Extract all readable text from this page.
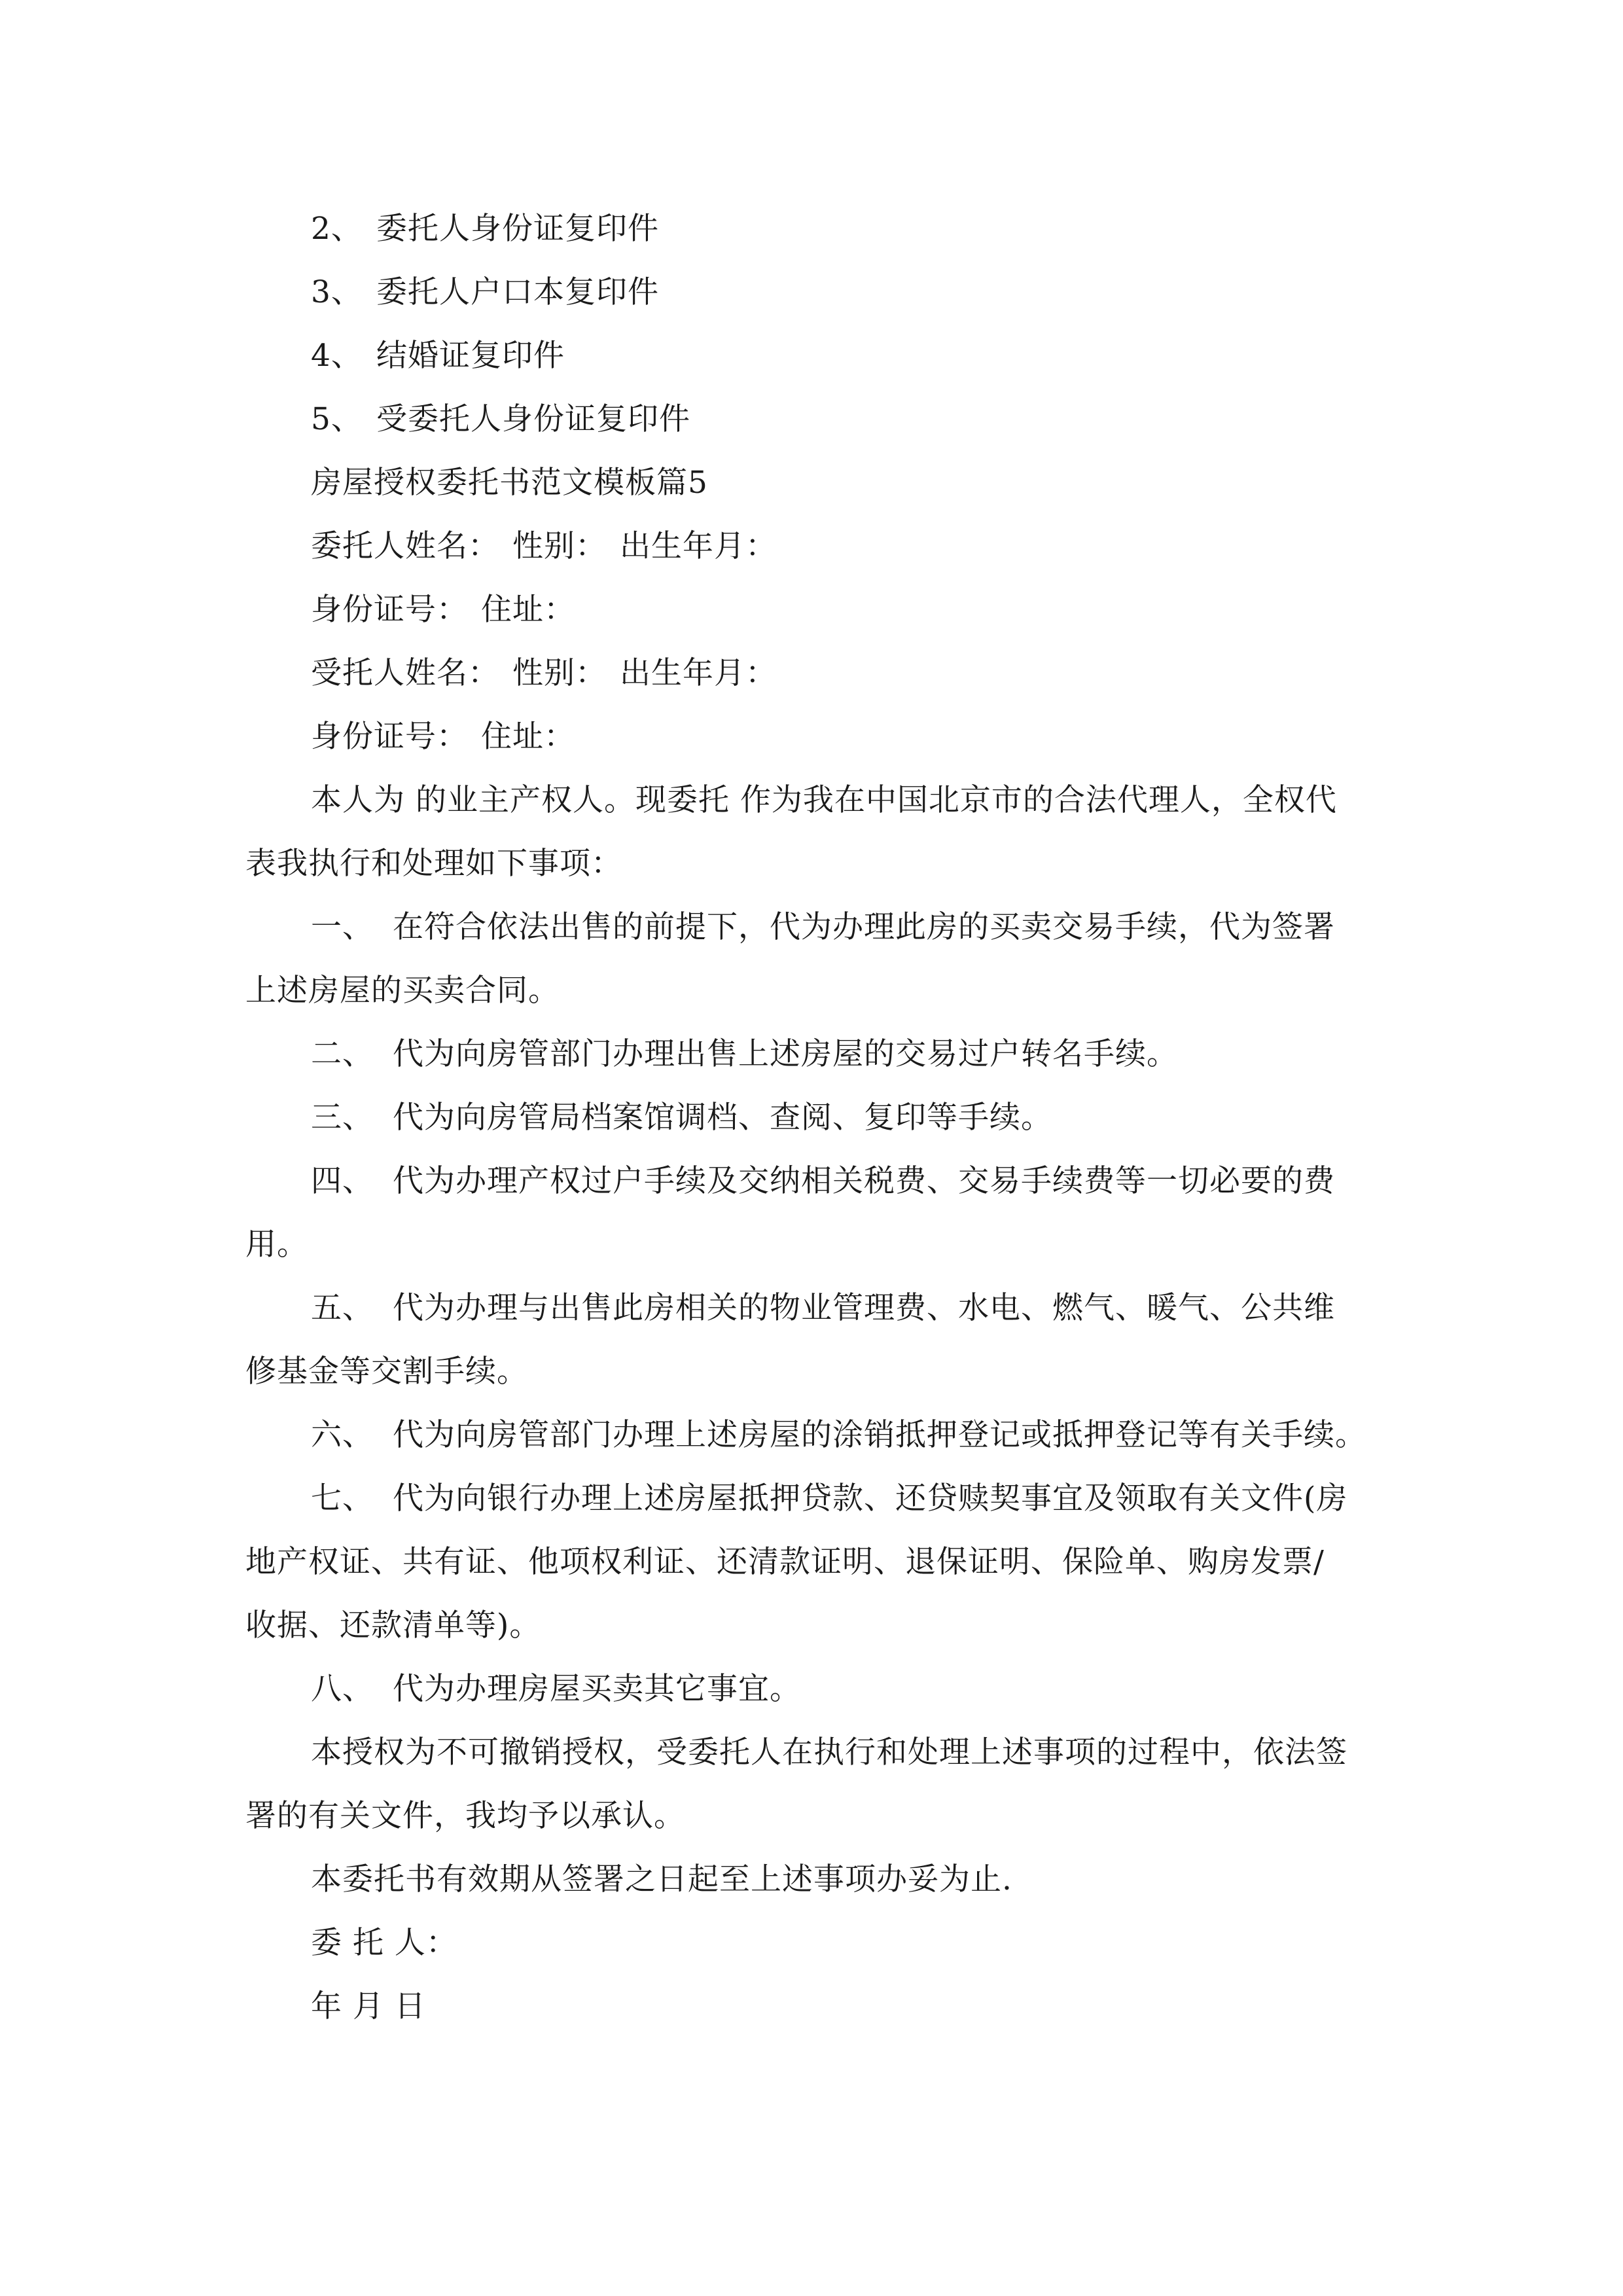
2、 委托人身份证复印件
3、 委托人户口本复印件
4、 结婚证复印件
5、 受委托人身份证复印件
房屋授权委托书范文模板篇5
委托人姓名： 性别： 出生年月：
身份证号： 住址：
受托人姓名： 性别： 出生年月：
身份证号： 住址：
本人为 的业主产权人。现委托 作为我在中国北京市的合法代理人，全权代
表我执行和处理如下事项：
一、 在符合依法出售的前提下，代为办理此房的买卖交易手续，代为签署
上述房屋的买卖合同。
二、 代为向房管部门办理出售上述房屋的交易过户转名手续。
三、 代为向房管局档案馆调档、查阅、复印等手续。
四、 代为办理产权过户手续及交纳相关税费、交易手续费等一切必要的费
用。
五、 代为办理与出售此房相关的物业管理费、水电、燃气、暖气、公共维
修基金等交割手续。
六、 代为向房管部门办理上述房屋的涂销抵押登记或抵押登记等有关手续。
七、 代为向银行办理上述房屋抵押贷款、还贷赎契事宜及领取有关文件(房
地产权证、共有证、他项权利证、还清款证明、退保证明、保险单、购房发票/
收据、还款清单等)。
八、 代为办理房屋买卖其它事宜。
本授权为不可撤销授权，受委托人在执行和处理上述事项的过程中，依法签
署的有关文件，我均予以承认。
本委托书有效期从签署之日起至上述事项办妥为止.
委 托 人：
年 月 日
